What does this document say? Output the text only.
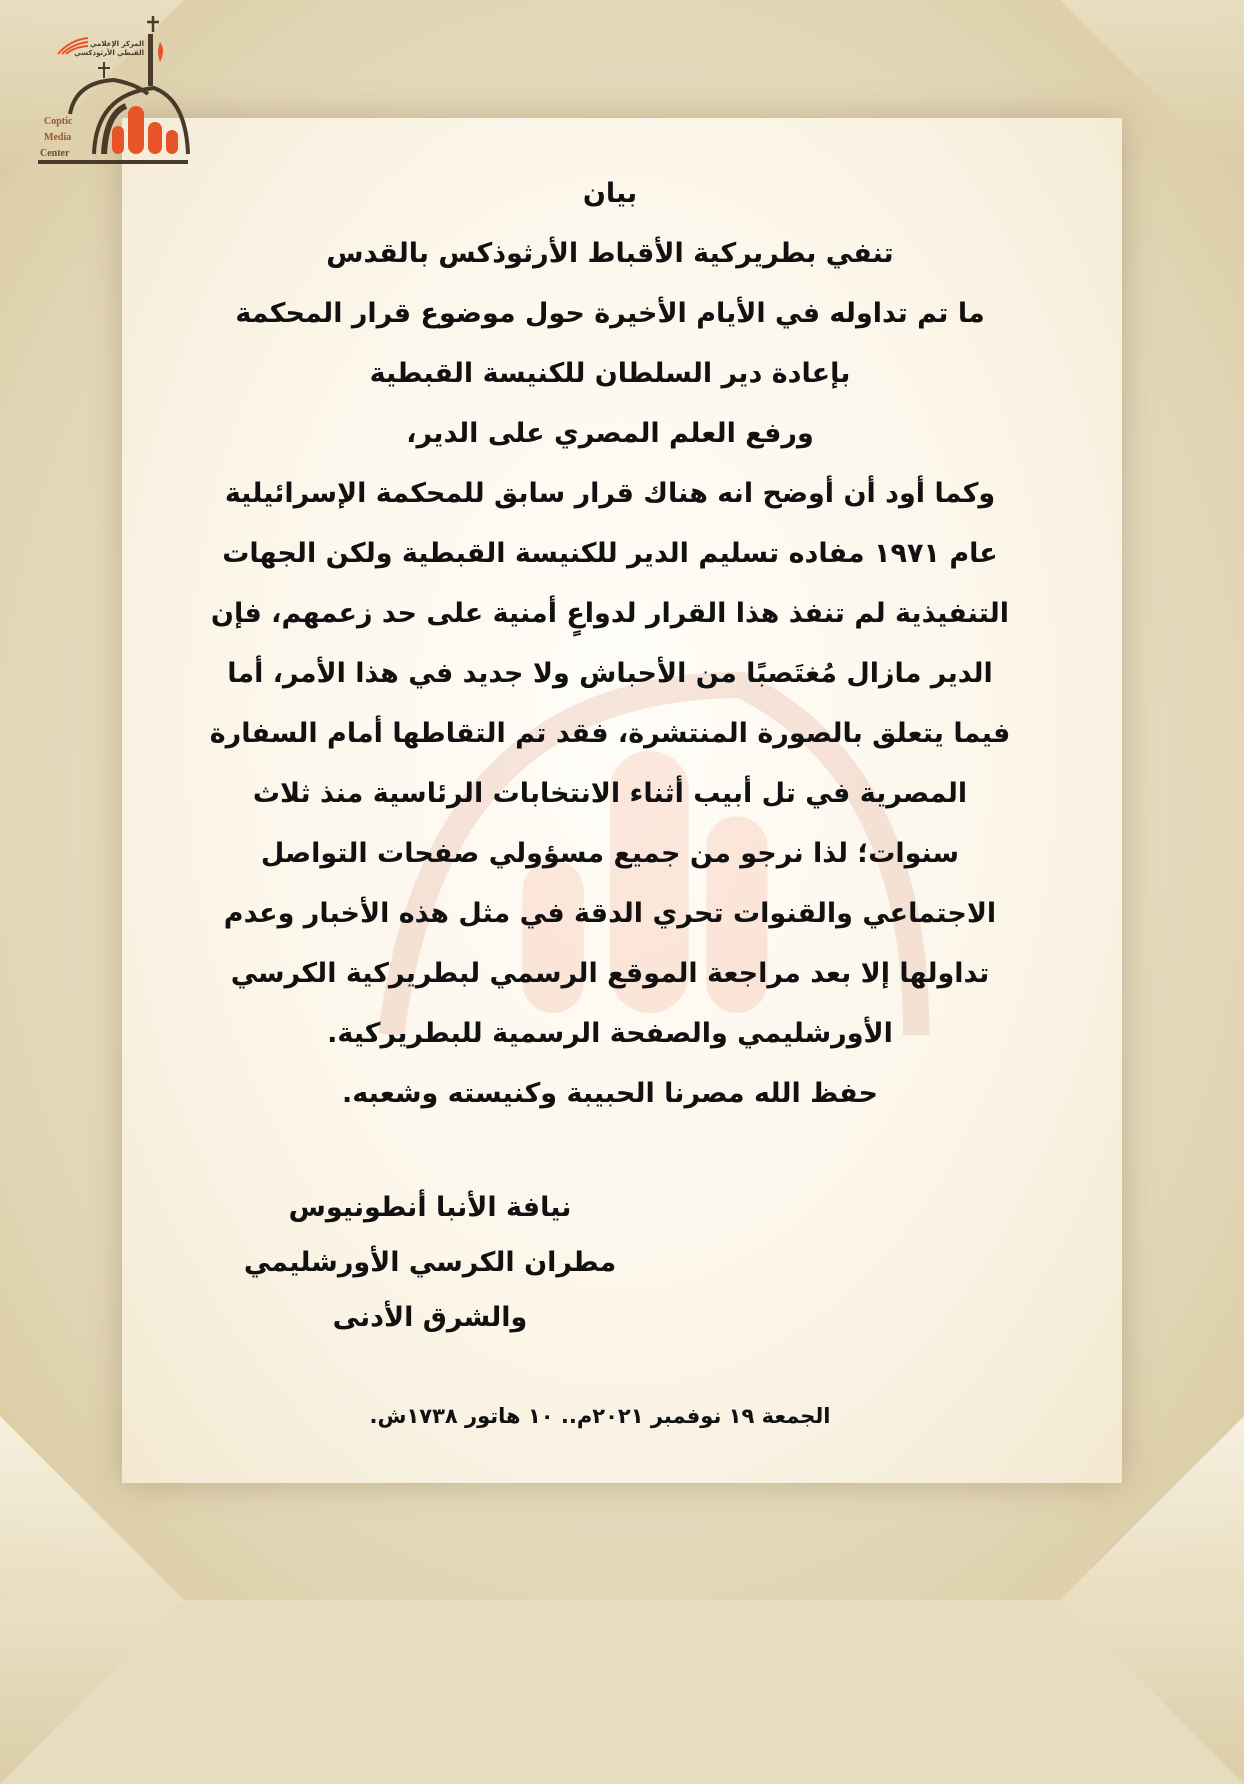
المركز الإعلامي
القبطي الأرثوذكسي
Coptic
Media
Center
بيان
تنفي بطريركية الأقباط الأرثوذكس بالقدس
ما تم تداوله في الأيام الأخيرة حول موضوع قرار المحكمة
بإعادة دير السلطان للكنيسة القبطية
ورفع العلم المصري على الدير،
وكما أود أن أوضح انه هناك قرار سابق للمحكمة الإسرائيلية
عام ١٩٧١ مفاده تسليم الدير للكنيسة القبطية ولكن الجهات
التنفيذية لم تنفذ هذا القرار لدواعٍ أمنية على حد زعمهم، فإن
الدير مازال مُغتَصبًا من الأحباش ولا جديد في هذا الأمر، أما
فيما يتعلق بالصورة المنتشرة، فقد تم التقاطها أمام السفارة
المصرية في تل أبيب أثناء الانتخابات الرئاسية منذ ثلاث
سنوات؛ لذا نرجو من جميع مسؤولي صفحات التواصل
الاجتماعي والقنوات تحري الدقة في مثل هذه الأخبار وعدم
تداولها إلا بعد مراجعة الموقع الرسمي لبطريركية الكرسي
الأورشليمي والصفحة الرسمية للبطريركية.
حفظ الله مصرنا الحبيبة وكنيسته وشعبه.
نيافة الأنبا أنطونيوس
مطران الكرسي الأورشليمي
والشرق الأدنى
الجمعة ١٩ نوفمبر ٢٠٢١م.. ١٠ هاتور ١٧٣٨ش.
